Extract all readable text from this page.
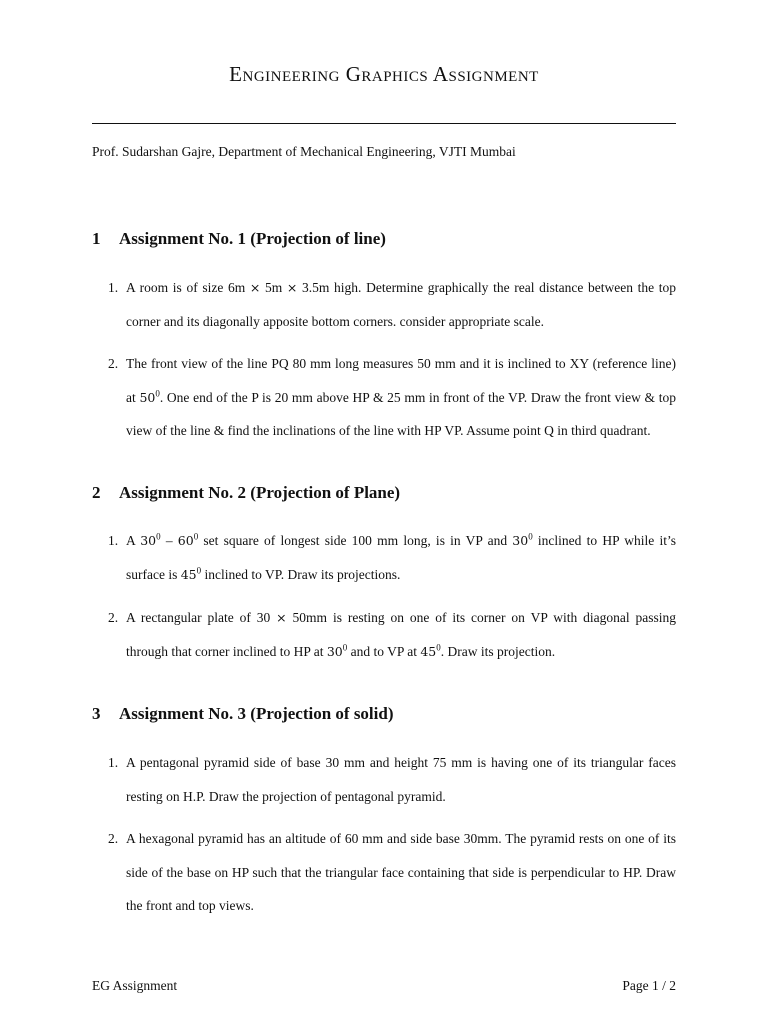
Engineering Graphics Assignment
Prof. Sudarshan Gajre, Department of Mechanical Engineering, VJTI Mumbai
1 Assignment No. 1 (Projection of line)
1. A room is of size 6m × 5m × 3.5m high. Determine graphically the real distance between the top corner and its diagonally apposite bottom corners. consider appropriate scale.
2. The front view of the line PQ 80 mm long measures 50 mm and it is inclined to XY (reference line) at $50^0$. One end of the P is 20 mm above HP & 25 mm in front of the VP. Draw the front view & top view of the line & find the inclinations of the line with HP VP. Assume point Q in third quadrant.
2 Assignment No. 2 (Projection of Plane)
1. A $30^0 - 60^0$ set square of longest side 100 mm long, is in VP and $30^0$ inclined to HP while it’s surface is $45^0$ inclined to VP. Draw its projections.
2. A rectangular plate of 30 × 50mm is resting on one of its corner on VP with diagonal passing through that corner inclined to HP at $30^0$ and to VP at $45^0$. Draw its projection.
3 Assignment No. 3 (Projection of solid)
1. A pentagonal pyramid side of base 30 mm and height 75 mm is having one of its triangular faces resting on H.P. Draw the projection of pentagonal pyramid.
2. A hexagonal pyramid has an altitude of 60 mm and side base 30mm. The pyramid rests on one of its side of the base on HP such that the triangular face containing that side is perpendicular to HP. Draw the front and top views.
EG Assignment	Page 1 / 2
